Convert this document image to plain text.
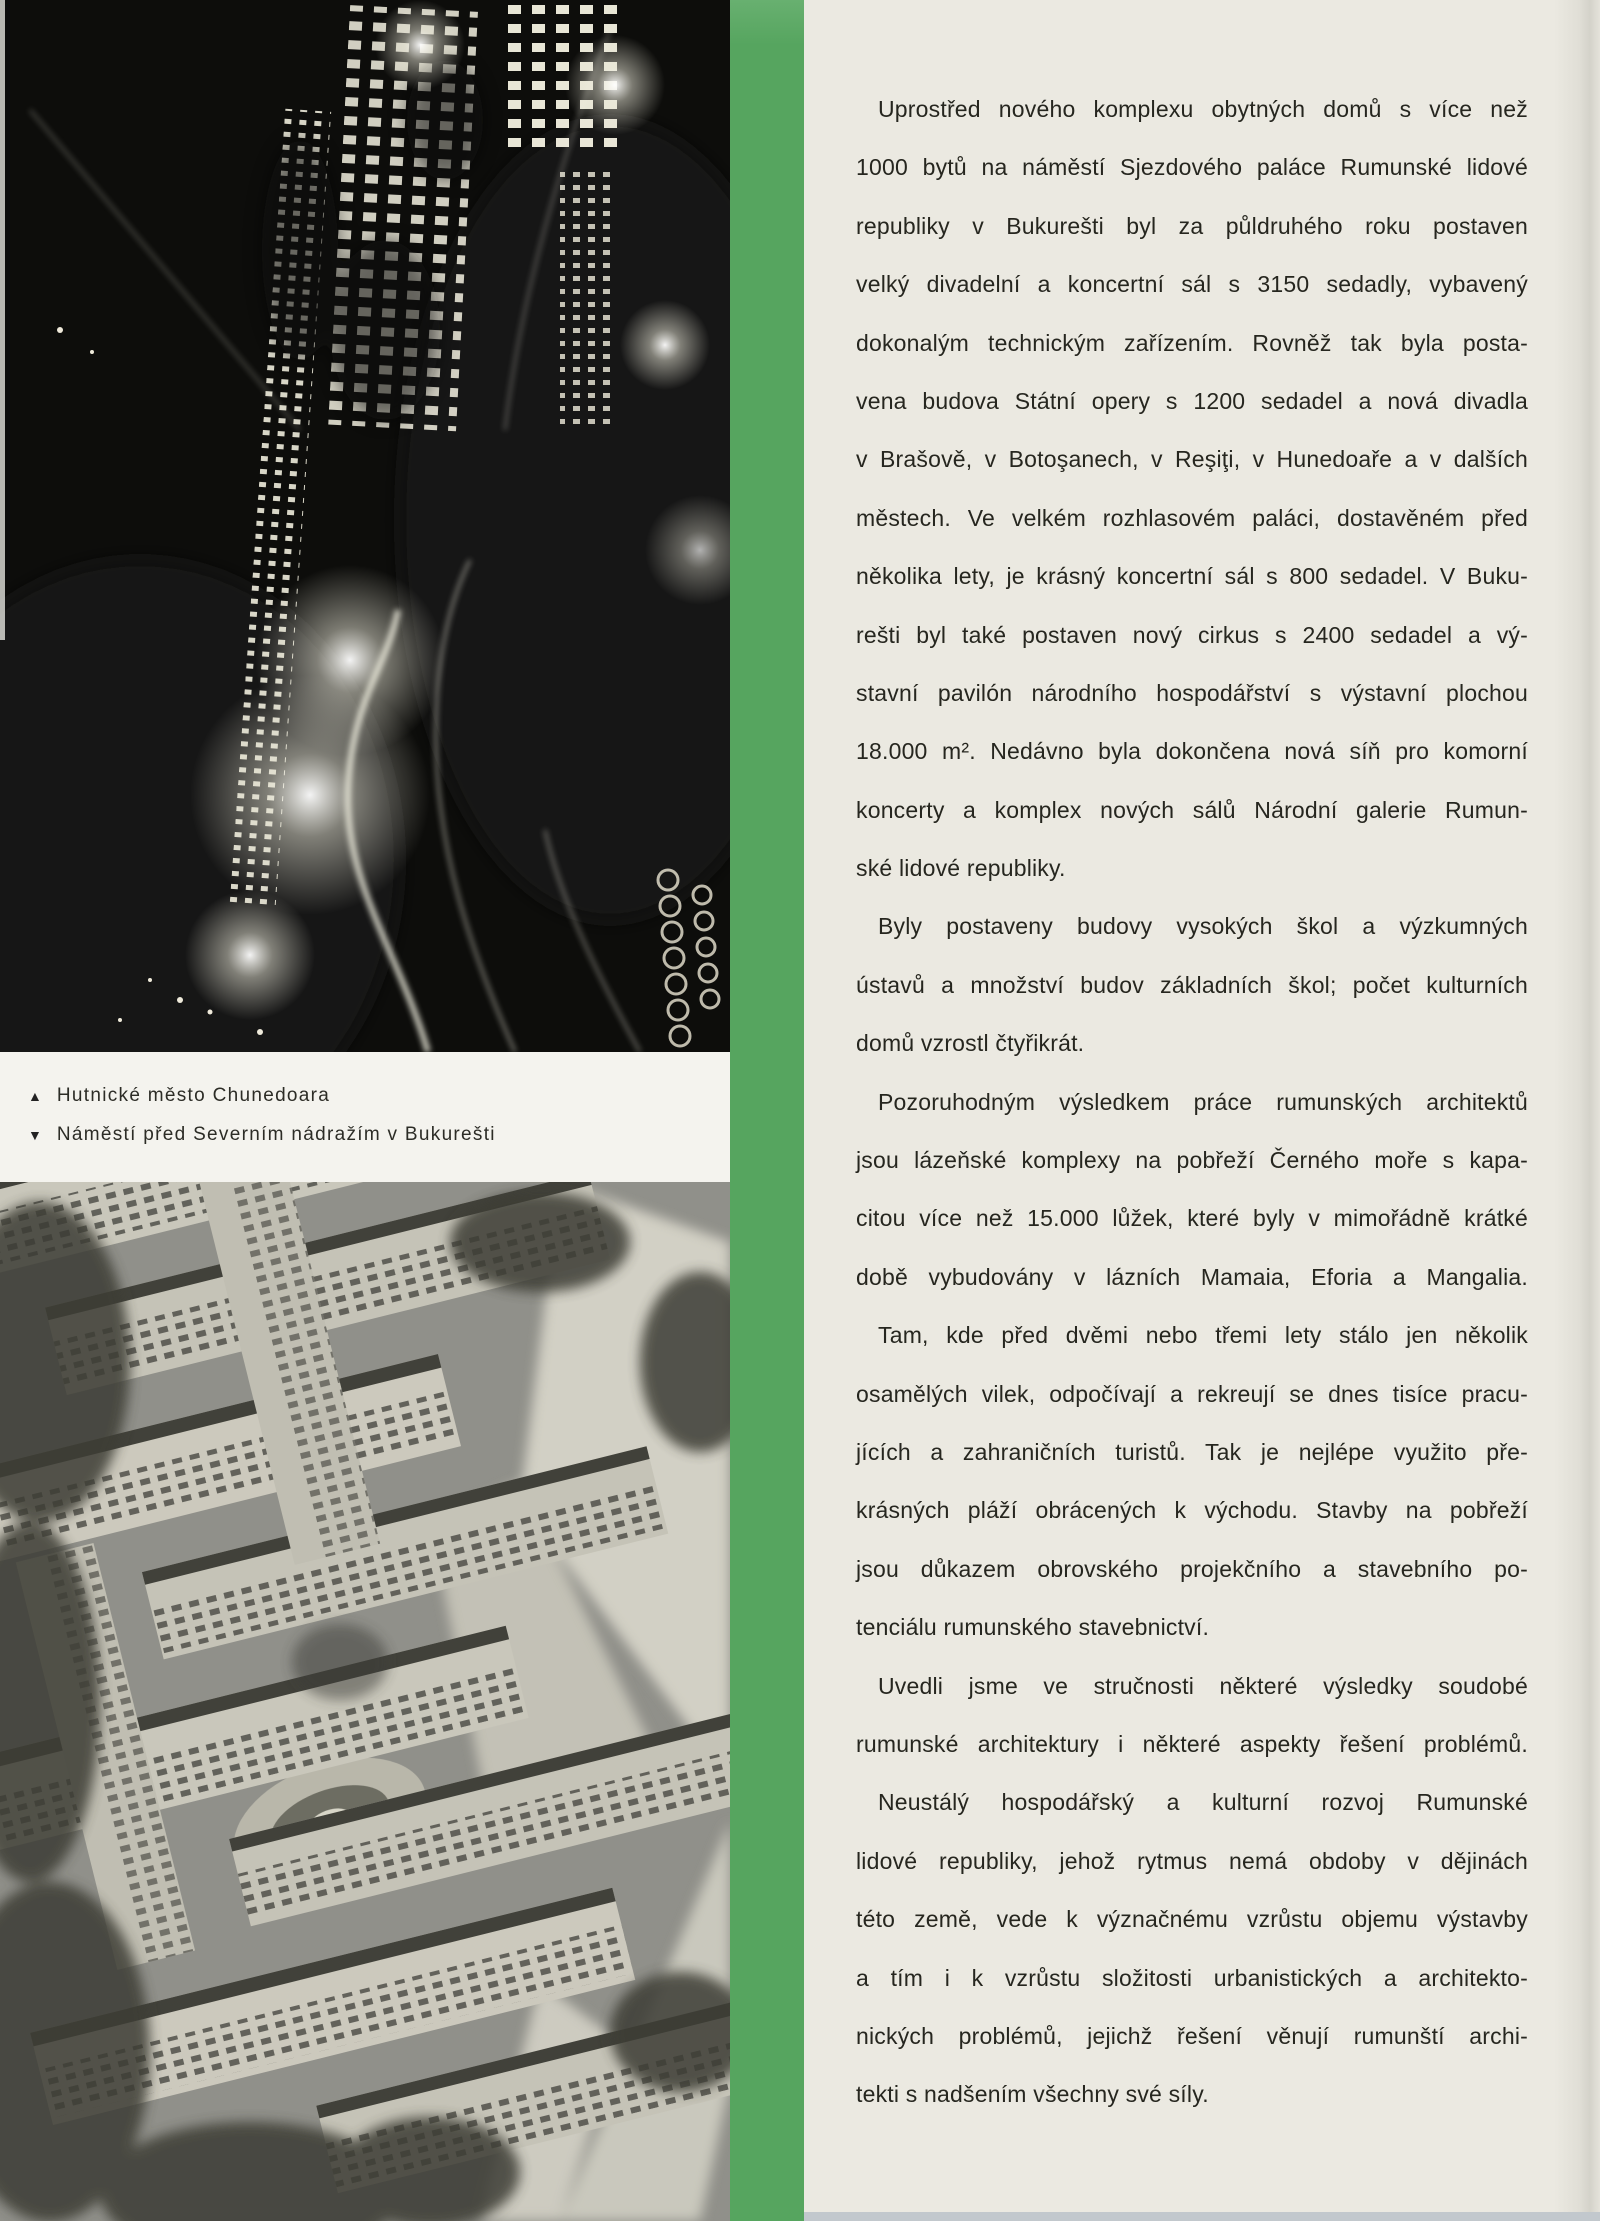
▲ Hutnické město Chunedoara
▼ Náměstí před Severním nádražím v Bukurešti
Uprostřed nového komplexu obytných domů s více než
1000 bytů na náměstí Sjezdového paláce Rumunské lidové
republiky v Bukurešti byl za půldruhého roku postaven
velký divadelní a koncertní sál s 3150 sedadly, vybavený
dokonalým technickým zařízením. Rovněž tak byla posta-
vena budova Státní opery s 1200 sedadel a nová divadla
v Brašově, v Botoşanech, v Reşiţi, v Hunedoaře a v dalších
městech. Ve velkém rozhlasovém paláci, dostavěném před
několika lety, je krásný koncertní sál s 800 sedadel. V Buku-
rešti byl také postaven nový cirkus s 2400 sedadel a vý-
stavní pavilón národního hospodářství s výstavní plochou
18.000 m². Nedávno byla dokončena nová síň pro komorní
koncerty a komplex nových sálů Národní galerie Rumun-
ské lidové republiky.
Byly postaveny budovy vysokých škol a výzkumných
ústavů a množství budov základních škol; počet kulturních
domů vzrostl čtyřikrát.
Pozoruhodným výsledkem práce rumunských architektů
jsou lázeňské komplexy na pobřeží Černého moře s kapa-
citou více než 15.000 lůžek, které byly v mimořádně krátké
době vybudovány v lázních Mamaia, Eforia a Mangalia.
Tam, kde před dvěmi nebo třemi lety stálo jen několik
osamělých vilek, odpočívají a rekreují se dnes tisíce pracu-
jících a zahraničních turistů. Tak je nejlépe využito pře-
krásných pláží obrácených k východu. Stavby na pobřeží
jsou důkazem obrovského projekčního a stavebního po-
tenciálu rumunského stavebnictví.
Uvedli jsme ve stručnosti některé výsledky soudobé
rumunské architektury i některé aspekty řešení problémů.
Neustálý hospodářský a kulturní rozvoj Rumunské
lidové republiky, jehož rytmus nemá obdoby v dějinách
této země, vede k význačnému vzrůstu objemu výstavby
a tím i k vzrůstu složitosti urbanistických a architekto-
nických problémů, jejichž řešení věnují rumunští archi-
tekti s nadšením všechny své síly.
